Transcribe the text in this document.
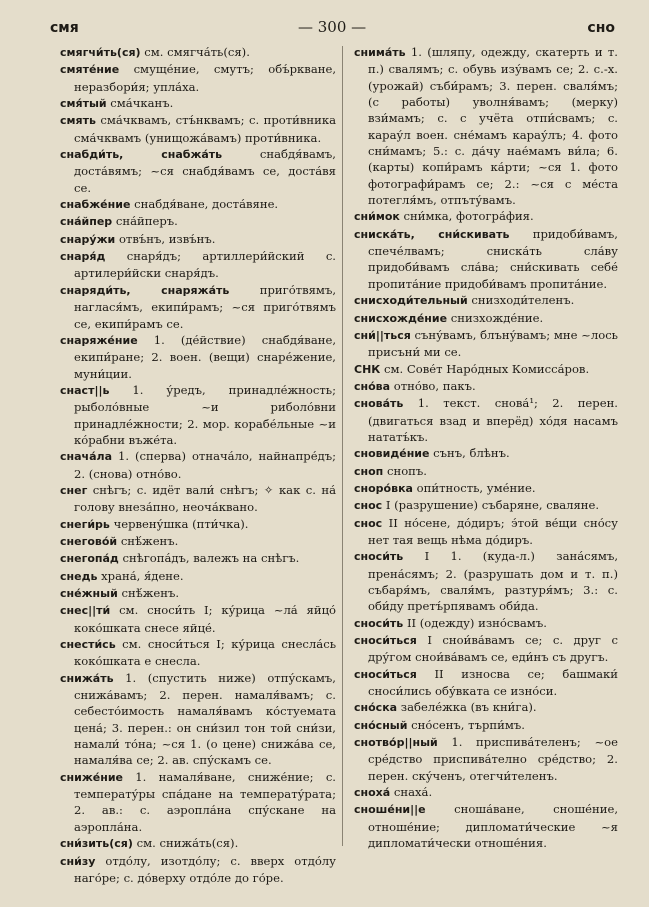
смя	— 300 —	сно

смягчи́ть(ся) см. смягча́ть(ся).

смяте́ние смуще́ние, смутъ; объ́ркване, неразбори́я; упла́ха.

смя́тый сма́чканъ.

смять сма́чквамъ, стъ́нквамъ; с. проти́вника сма́чквамъ (унищожа́вамъ) проти́вника.

снабди́ть, снабжа́ть	снабдя́вамъ, доста́вямъ; ~ся снабдя́вамъ се, доста́вя се.

снабже́ние снабдя́ване, доста́вяне.

сна́йпер сна́йперъ.

снару́жи отвъ́нъ, извъ́нъ.

снаря́д снаря́дъ; артиллери́йский с. артилери́йски снаря́дъ.

снаряди́ть, снаряжа́ть	приго́твямъ, наглася́мъ, екипи́рамъ; ~ся приго́твямъ се, екипи́рамъ се.

снаряже́ние 1. (де́йствие) снабдя́ване, екипи́ране; 2. воен. (вещи) снаре́жение, муни́ции.

снаст||ь 1. у́редъ, принадле́жность; рыболо́вные ~и риболо́вни принадле́жности; 2. мор. корабе́льные ~и ко́рабни въже́та.

снача́ла 1. (сперва) отнача́ло, найнапре́дъ; 2. (снова) отно́во.

снег снѣгъ; с. идёт вали́ снѣгъ; ✧ как с. на́ голову внеза́пно, неоча́квано.

снеги́рь червену́шка (пти́чка).

снегово́й снѣ́женъ.

снегопа́д снѣгопа́дъ, валежъ на снѣгъ.

снедь храна́, я́дене.

сне́жный снѣ́женъ.

снес||ти́ см. сноси́ть I; ку́рица ~ла́ яйцо́ коко́шката снесе яйце́.

снести́сь см. сноси́ться I; ку́рица снесла́сь коко́шката е снесла.

снижа́ть 1. (спустить ниже) отпу́скамъ, снижа́вамъ; 2. перен. намаля́вамъ; с. себесто́имость намаля́вамъ ко́стуемата цена́; 3. перен.: он сни́зил тон той сни́зи, намали́ то́на; ~ся 1. (о цене) снижа́ва се, намаля́ва се; 2. ав. спу́скамъ се.

сниже́ние 1. намаля́ване, сниже́ние; с. температу́ры спа́дане на температу́рата; 2. ав.: с. аэропла́на спу́скане на аэропла́на.

сни́зить(ся) см. снижа́ть(ся).

сни́зу отдо́лу, изотдо́лу; с. вверх отдо́лу наго́ре; с. до́верху отдо́ле до го́ре.

снима́ть 1. (шляпу, одежду, скатерть и т. п.) свалямъ; с. обувь изу́вамъ се; 2. с.-х. (урожай) съби́рамъ; 3. перен. сваля́мъ; (с работы) уволня́вамъ; (мерку) взи́мамъ; с. с учёта отпи́свамъ; с. карау́л воен. сне́мамъ карау́лъ; 4. фото сни́мамъ; 5.: с. да́чу нае́мамъ ви́ла; 6. (карты) копи́рамъ ка́рти; ~ся 1. фото фотографи́рамъ се; 2.: ~ся с ме́ста потегля́мъ, отпъту́вамъ.

сни́мок сни́мка, фотогра́фия.

сниска́ть, сни́скивать придоби́вамъ, спече́лвамъ; сниска́ть сла́ву придоби́вамъ сла́ва; сни́скивать себе́ пропита́ние придоби́вамъ пропита́ние.

снисходи́тельный снизходи́теленъ.

снисхожде́ние снизхожде́ние.

сни́||ться съну́вамъ, блъну́вамъ; мне ~лось присъни́ ми се.

СНК см. Сове́т Наро́дных Комисса́ров.

сно́ва отно́во, пакъ.

снова́ть 1. текст. снова́¹; 2. перен. (двигаться взад и вперёд) хо́дя насамъ нататъ́къ.

сновиде́ние сънъ, блѣнъ.

сноп снопъ.

сноро́вка опи́тность, уме́ние.

снос I (разрушение) събаряне, сваляне.

снос II но́сене, до́диръ; э́той ве́щи сно́су нет тая вещь нѣма до́диръ.

сноси́ть I 1. (куда-л.) зана́сямъ, прена́сямъ; 2. (разрушать дом и т. п.) събаря́мъ, сваля́мъ, разтуря́мъ; 3.: с. оби́ду претъ́рпявамъ оби́да.

сноси́ть II (одежду) изно́свамъ.

сноси́ться I снои́ва́вамъ се; с. друг с дру́гом снои́ва́вамъ се, еди́нъ съ другъ.

сноси́ться II износва се; башмаки́ сноси́лись обу́вката се изно́си.

сно́ска забеле́жка (въ кни́га).

сно́сный сно́сенъ, търпи́мъ.

снотво́р||ный 1. приспива́теленъ; ~ое сре́дство приспива́телно сре́дство; 2. перен. ску́ченъ, отегчи́теленъ.

снoха́ снаха́.

снoше́ни||е снoша́ване, снoше́ние, отноше́ние; дипломати́ческие ~я дипломати́чески отноше́ния.
